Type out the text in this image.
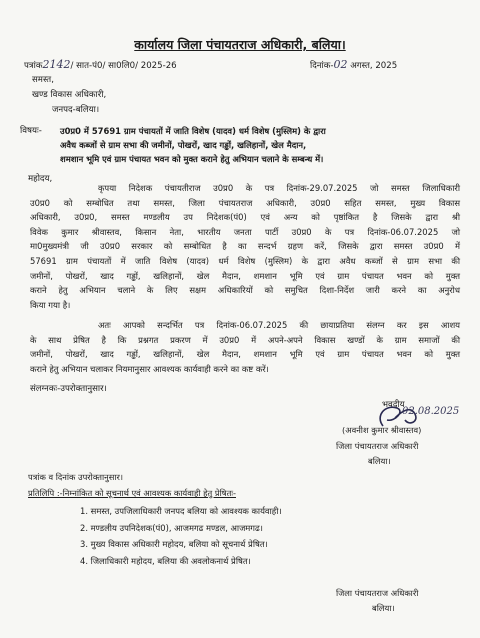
कार्यालय जिला पंचायतराज अधिकारी, बलिया।
पत्रांक2142/ सात-पं0/ सा0लि0/ 2025-26	दिनांक-02 अगस्त, 2025
समस्त,
खण्ड विकास अधिकारी,
जनपद-बलिया।
विषयः- उ0प्र0 में 57691 ग्राम पंचायतों में जाति विशेष (यादव) धर्म विशेष (मुस्लिम) के द्वारा
अवैध कब्जों से ग्राम सभा की जमीनों, पोखरों, खाद गड्ढों, खलिहानों, खेल मैदान,
शमशान भूमि एवं ग्राम पंचायत भवन को मुक्त कराने हेतु अभियान चलाने के सम्बन्ध में।
महोदय,
कृपया निदेशक पंचायतीराज उ0प्र0 के पत्र दिनांक-29.07.2025 जो समस्त जिलाधिकारी
उ0प्र0 को सम्बोधित तथा समस्त, जिला पंचायतराज अधिकारी, उ0प्र0 सहित समस्त, मुख्य विकास
अधिकारी, उ0प्र0, समस्त मण्डलीय उप निदेशक(पं0) एवं अन्य को पृष्ठांकित है जिसके द्वारा श्री
विवेक कुमार श्रीवास्तव, किसान नेता, भारतीय जनता पार्टी उ0प्र0 के पत्र दिनांक-06.07.2025 जो
मा0मुख्यमंत्री जी उ0प्र0 सरकार को सम्बोधित है का सन्दर्भ ग्रहण करें, जिसके द्वारा समस्त उ0प्र0 में
57691 ग्राम पंचायतों में जाति विशेष (यादव) धर्म विशेष (मुस्लिम) के द्वारा अवैध कब्जों से ग्राम सभा की
जमीनों, पोखरों, खाद गड्ढों, खलिहानों, खेल मैदान, शमशान भूमि एवं ग्राम पंचायत भवन को मुक्त
कराने हेतु अभियान चलाने के लिए सक्षम अधिकारियों को समुचित दिशा-निर्देश जारी करने का अनुरोध
किया गया है।
अतः आपको सन्दर्भित पत्र दिनांक-06.07.2025 की छायाप्रतिया संलग्न कर इस आशय
के साथ प्रेषित है कि प्रश्नगत प्रकरण में उ0प्र0 में अपने-अपने विकास खण्डों के ग्राम समाजों की
जमीनों, पोखरों, खाद गड्ढों, खलिहानों, खेल मैदान, शमशान भूमि एवं ग्राम पंचायत भवन को मुक्त
कराने हेतु अभियान चलाकर नियमानुसार आवश्यक कार्यवाही करने का कष्ट करें।
संलग्नकः-उपरोक्तानुसार।
भवदीय
02.08.2025
(अवनीश कुमार श्रीवास्तव)
जिला पंचायतराज अधिकारी
बलिया।
पत्रांक व दिनांक उपरोक्तानुसार।
प्रतिलिपि :-निम्नांकित को सूचनार्थ एवं आवश्यक कार्यवाही हेतु प्रेषितः-
1. समस्त, उपजिलाधिकारी जनपद बलिया को आवश्यक कार्यवाही।
2. मण्डलीय उपनिदेशक(पं0), आजमगढ मण्डल, आजमगढ।
3. मुख्य विकास अधिकारी महोदय, बलिया को सूचनार्थ प्रेषित।
4. जिलाधिकारी महोदय, बलिया की अवलोकनार्थ प्रेषित।
जिला पंचायतराज अधिकारी
बलिया।
